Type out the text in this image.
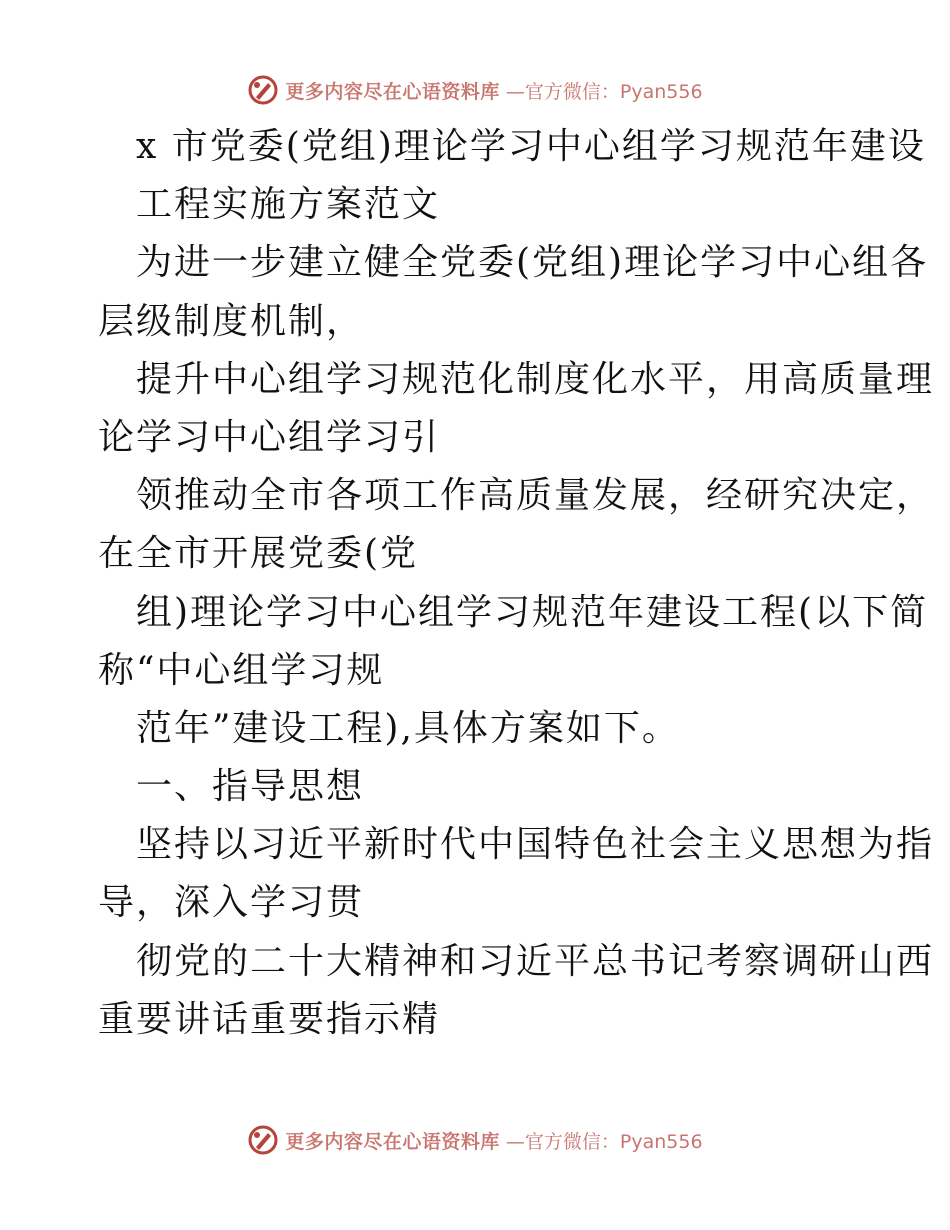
更多内容尽在心语资料库 —官方微信：Pyan556
x 市党委(党组)理论学习中心组学习规范年建设
工程实施方案范文
为进一步建立健全党委(党组)理论学习中心组各
层级制度机制，
提升中心组学习规范化制度化水平，用高质量理
论学习中心组学习引
领推动全市各项工作高质量发展，经研究决定，
在全市开展党委(党
组)理论学习中心组学习规范年建设工程(以下简
称“中心组学习规
范年”建设工程),具体方案如下。
一、指导思想
坚持以习近平新时代中国特色社会主义思想为指
导，深入学习贯
彻党的二十大精神和习近平总书记考察调研山西
重要讲话重要指示精
更多内容尽在心语资料库 —官方微信：Pyan556
